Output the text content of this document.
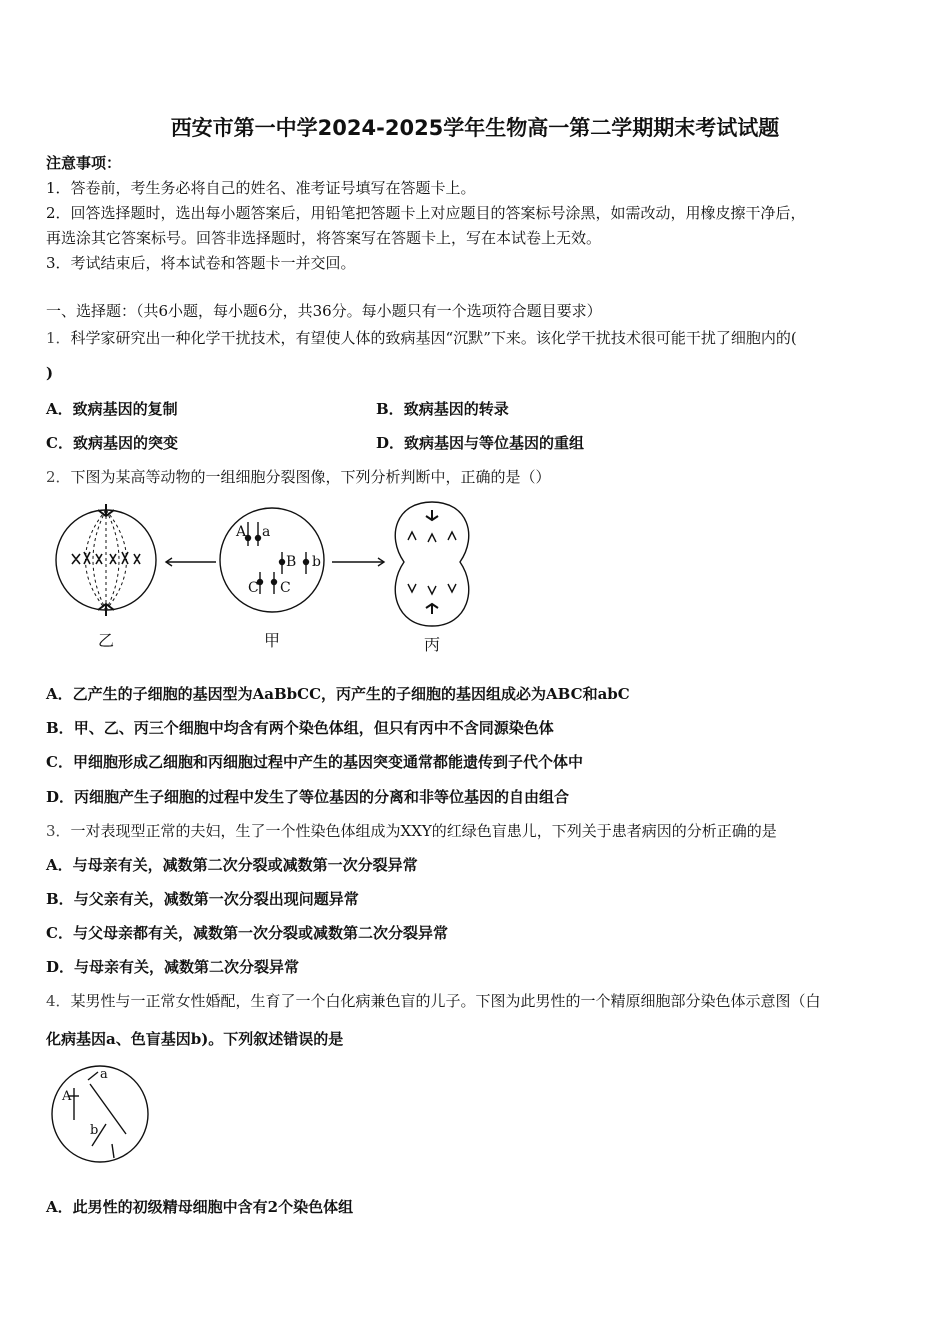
西安市第一中学2024-2025学年生物高一第二学期期末考试试题
注意事项：
1．答卷前，考生务必将自己的姓名、准考证号填写在答题卡上。
2．回答选择题时，选出每小题答案后，用铅笔把答题卡上对应题目的答案标号涂黑，如需改动，用橡皮擦干净后，
再选涂其它答案标号。回答非选择题时，将答案写在答题卡上，写在本试卷上无效。
3．考试结束后，将本试卷和答题卡一并交回。
一、选择题：（共6小题，每小题6分，共36分。每小题只有一个选项符合题目要求）
1．科学家研究出一种化学干扰技术，有望使人体的致病基因“沉默”下来。该化学干扰技术很可能干扰了细胞内的(
)
A．致病基因的复制	B．致病基因的转录
C．致病基因的突变	D．致病基因与等位基因的重组
2．下图为某高等动物的一组细胞分裂图像，下列分析判断中，正确的是（）
A a
B b
C C
乙	甲	丙
A．乙产生的子细胞的基因型为AaBbCC，丙产生的子细胞的基因组成必为ABC和abC
B．甲、乙、丙三个细胞中均含有两个染色体组，但只有丙中不含同源染色体
C．甲细胞形成乙细胞和丙细胞过程中产生的基因突变通常都能遗传到子代个体中
D．丙细胞产生子细胞的过程中发生了等位基因的分离和非等位基因的自由组合
3．一对表现型正常的夫妇，生了一个性染色体组成为XXY的红绿色盲患儿，下列关于患者病因的分析正确的是
A．与母亲有关，减数第二次分裂或减数第一次分裂异常
B．与父亲有关，减数第一次分裂出现问题异常
C．与父母亲都有关，减数第一次分裂或减数第二次分裂异常
D．与母亲有关，减数第二次分裂异常
4．某男性与一正常女性婚配，生育了一个白化病兼色盲的儿子。下图为此男性的一个精原细胞部分染色体示意图（白
化病基因a、色盲基因b)。下列叙述错误的是
A
a
b
A．此男性的初级精母细胞中含有2个染色体组
